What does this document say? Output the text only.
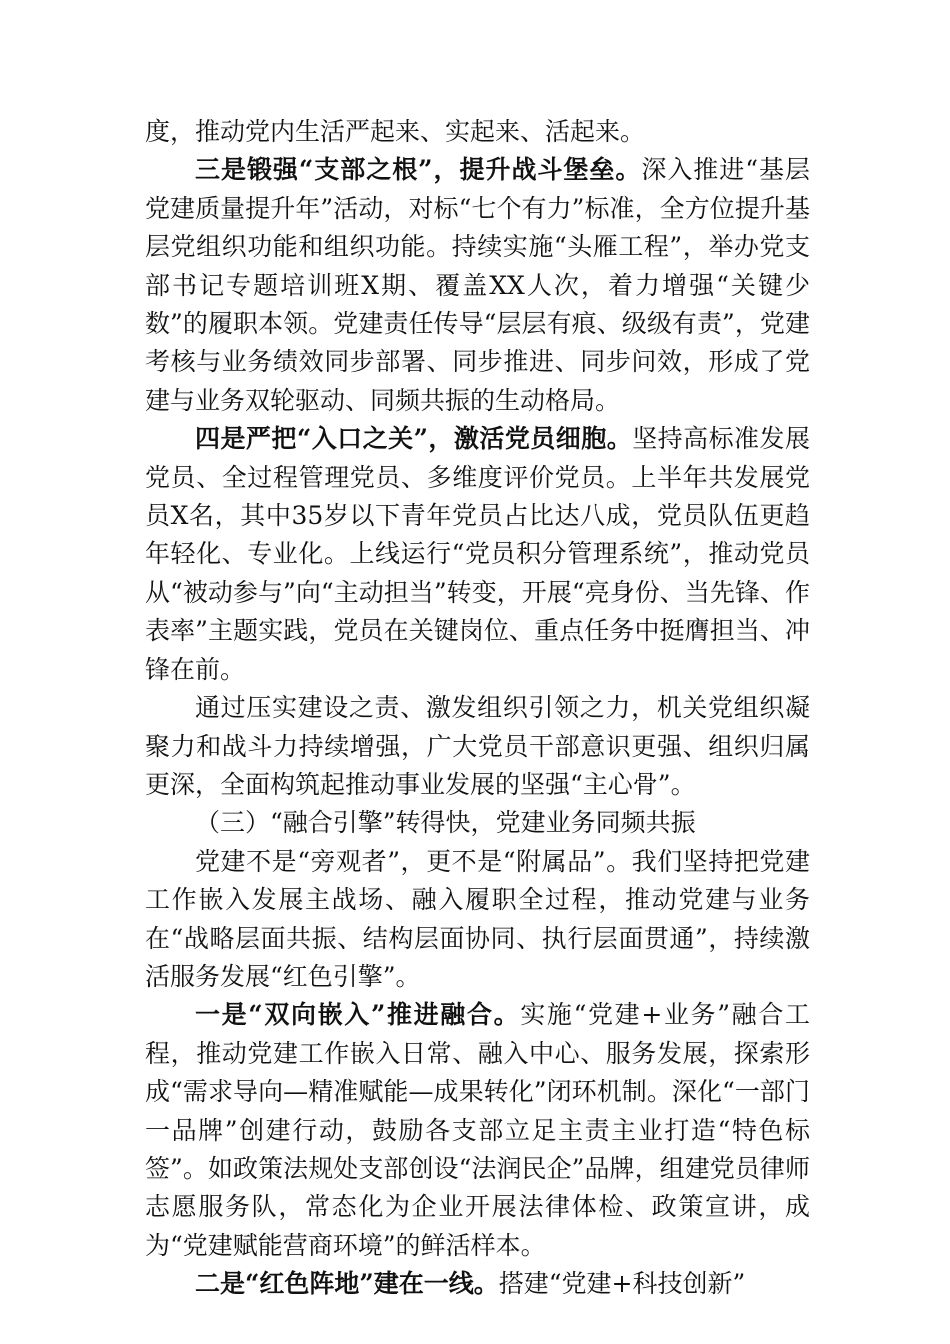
度，推动党内生活严起来、实起来、活起来。

三是锻强“支部之根”，提升战斗堡垒。深入推进“基层党建质量提升年”活动，对标“七个有力”标准，全方位提升基层党组织功能和组织功能。持续实施“头雁工程”，举办党支部书记专题培训班X期、覆盖XX人次，着力增强“关键少数”的履职本领。党建责任传导“层层有痕、级级有责”，党建考核与业务绩效同步部署、同步推进、同步问效，形成了党建与业务双轮驱动、同频共振的生动格局。

四是严把“入口之关”，激活党员细胞。坚持高标准发展党员、全过程管理党员、多维度评价党员。上半年共发展党员X名，其中35岁以下青年党员占比达八成，党员队伍更趋年轻化、专业化。上线运行“党员积分管理系统”，推动党员从“被动参与”向“主动担当”转变，开展“亮身份、当先锋、作表率”主题实践，党员在关键岗位、重点任务中挺膺担当、冲锋在前。

通过压实建设之责、激发组织引领之力，机关党组织凝聚力和战斗力持续增强，广大党员干部意识更强、组织归属更深，全面构筑起推动事业发展的坚强“主心骨”。

（三）“融合引擎”转得快，党建业务同频共振

党建不是“旁观者”，更不是“附属品”。我们坚持把党建工作嵌入发展主战场、融入履职全过程，推动党建与业务在“战略层面共振、结构层面协同、执行层面贯通”，持续激活服务发展“红色引擎”。

一是“双向嵌入”推进融合。实施“党建+业务”融合工程，推动党建工作嵌入日常、融入中心、服务发展，探索形成“需求导向—精准赋能—成果转化”闭环机制。深化“一部门一品牌”创建行动，鼓励各支部立足主责主业打造“特色标签”。如政策法规处支部创设“法润民企”品牌，组建党员律师志愿服务队，常态化为企业开展法律体检、政策宣讲，成为“党建赋能营商环境”的鲜活样本。

二是“红色阵地”建在一线。搭建“党建+科技创新”
